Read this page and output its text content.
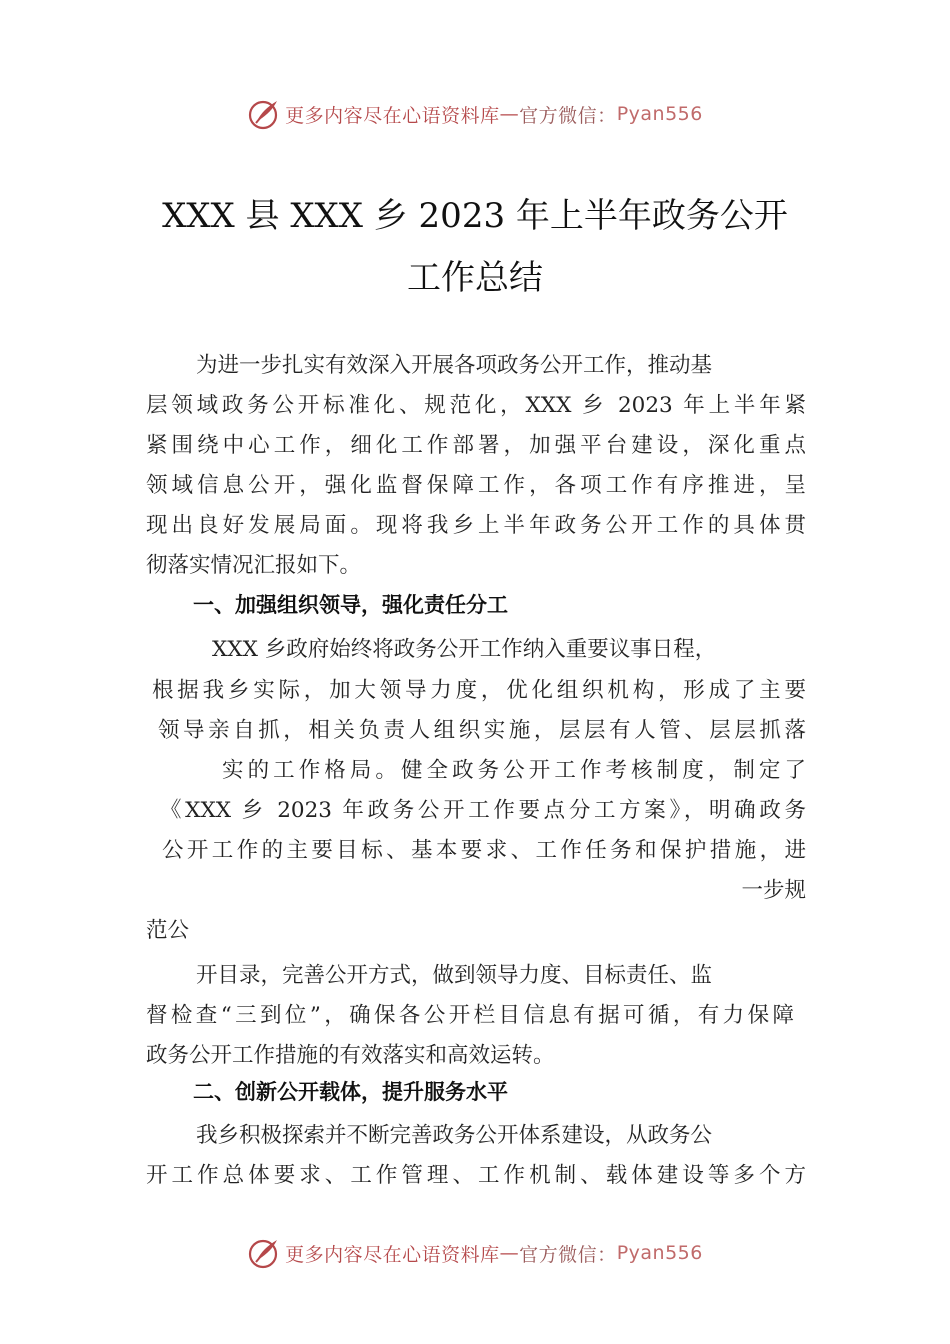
更多内容尽在心语资料库 — 官方微信： Pyan556
XXX 县 XXX 乡 2023 年上半年政务公开
工作总结
为进一步扎实有效深入开展各项政务公开工作，推动基
层领域政务公开标准化、规范化，XXX 乡 2023 年上半年紧
紧围绕中心工作，细化工作部署，加强平台建设，深化重点
领域信息公开，强化监督保障工作，各项工作有序推进，呈
现出良好发展局面。现将我乡上半年政务公开工作的具体贯
彻落实情况汇报如下。
一、加强组织领导，强化责任分工
XXX 乡政府始终将政务公开工作纳入重要议事日程，
根据我乡实际，加大领导力度，优化组织机构，形成了主要
领导亲自抓，相关负责人组织实施，层层有人管、层层抓落
实的工作格局。健全政务公开工作考核制度，制定了
《XXX 乡 2023 年政务公开工作要点分工方案》，明确政务
公开工作的主要目标、基本要求、工作任务和保护措施，进
一步规
范公
开目录，完善公开方式，做到领导力度、目标责任、监
督检查“三到位”，确保各公开栏目信息有据可循，有力保障
政务公开工作措施的有效落实和高效运转。
二、创新公开载体，提升服务水平
我乡积极探索并不断完善政务公开体系建设，从政务公
开工作总体要求、工作管理、工作机制、载体建设等多个方
更多内容尽在心语资料库 — 官方微信： Pyan556
